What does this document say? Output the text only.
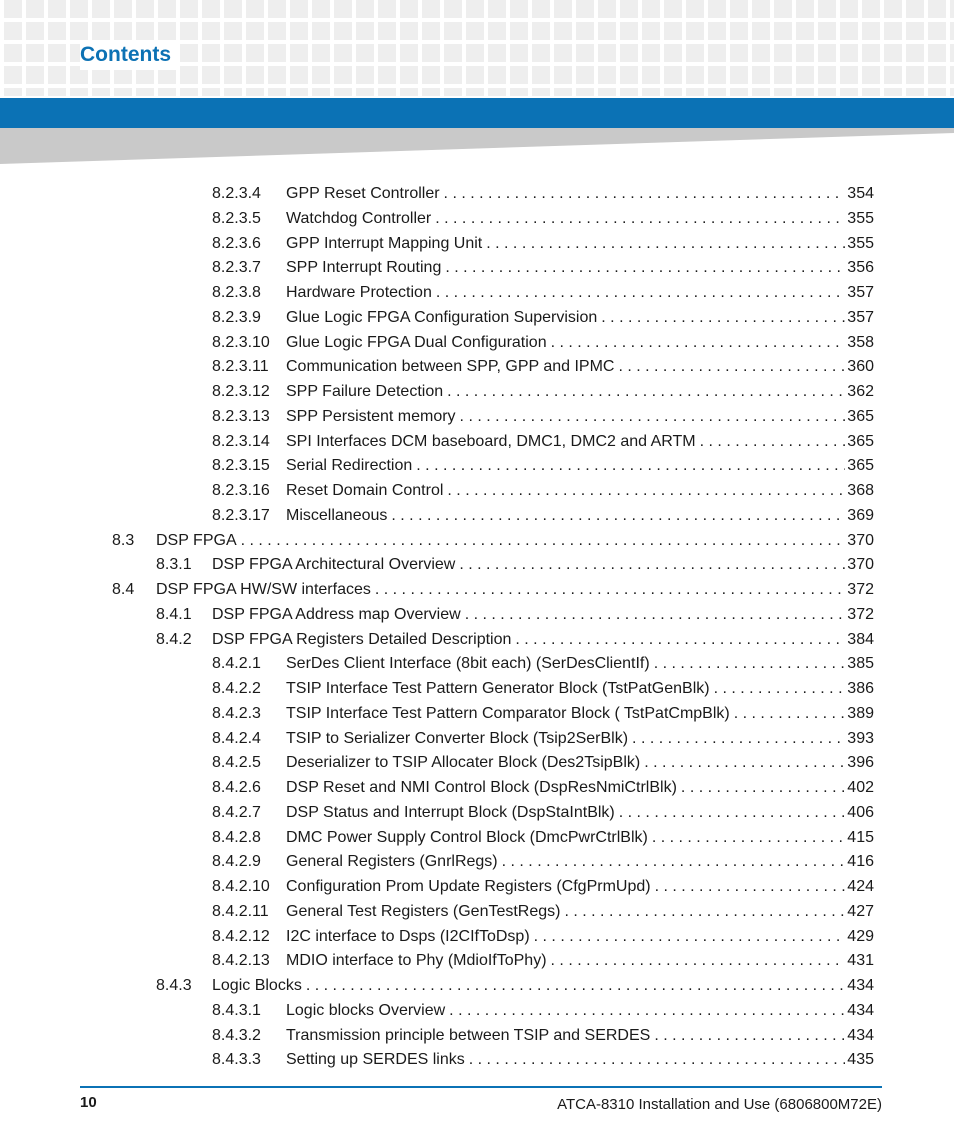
Contents
8.2.3.4	GPP Reset Controller . . .	354
8.2.3.5	Watchdog Controller . . .	355
8.2.3.6	GPP Interrupt Mapping Unit . . .	355
8.2.3.7	SPP Interrupt Routing . . .	356
8.2.3.8	Hardware Protection . . .	357
8.2.3.9	Glue Logic FPGA Configuration Supervision . . .	357
8.2.3.10	Glue Logic FPGA Dual Configuration . . .	358
8.2.3.11	Communication between SPP, GPP and IPMC . . .	360
8.2.3.12	SPP Failure Detection . . .	362
8.2.3.13	SPP Persistent memory . . .	365
8.2.3.14	SPI Interfaces DCM baseboard, DMC1, DMC2 and ARTM . . .	365
8.2.3.15	Serial Redirection . . .	365
8.2.3.16	Reset Domain Control . . .	368
8.2.3.17	Miscellaneous . . .	369
8.3	DSP FPGA . . .	370
8.3.1	DSP FPGA Architectural Overview . . .	370
8.4	DSP FPGA HW/SW interfaces . . .	372
8.4.1	DSP FPGA Address map Overview . . .	372
8.4.2	DSP FPGA Registers Detailed Description . . .	384
8.4.2.1	SerDes Client Interface (8bit each) (SerDesClientIf) . . .	385
8.4.2.2	TSIP Interface Test Pattern Generator Block (TstPatGenBlk) . . .	386
8.4.2.3	TSIP Interface Test Pattern Comparator Block ( TstPatCmpBlk) . . .	389
8.4.2.4	TSIP to Serializer Converter Block (Tsip2SerBlk) . . .	393
8.4.2.5	Deserializer to TSIP Allocater Block (Des2TsipBlk) . . .	396
8.4.2.6	DSP Reset and NMI Control Block (DspResNmiCtrlBlk) . . .	402
8.4.2.7	DSP Status and Interrupt Block (DspStaIntBlk) . . .	406
8.4.2.8	DMC Power Supply Control Block (DmcPwrCtrlBlk) . . .	415
8.4.2.9	General Registers (GnrlRegs) . . .	416
8.4.2.10	Configuration Prom Update Registers (CfgPrmUpd) . . .	424
8.4.2.11	General Test Registers (GenTestRegs) . . .	427
8.4.2.12	I2C interface to Dsps (I2CIfToDsp) . . .	429
8.4.2.13	MDIO interface to Phy (MdioIfToPhy) . . .	431
8.4.3	Logic Blocks . . .	434
8.4.3.1	Logic blocks Overview . . .	434
8.4.3.2	Transmission principle between TSIP and SERDES . . .	434
8.4.3.3	Setting up SERDES links . . .	435
10	ATCA-8310 Installation and Use (6806800M72E)
